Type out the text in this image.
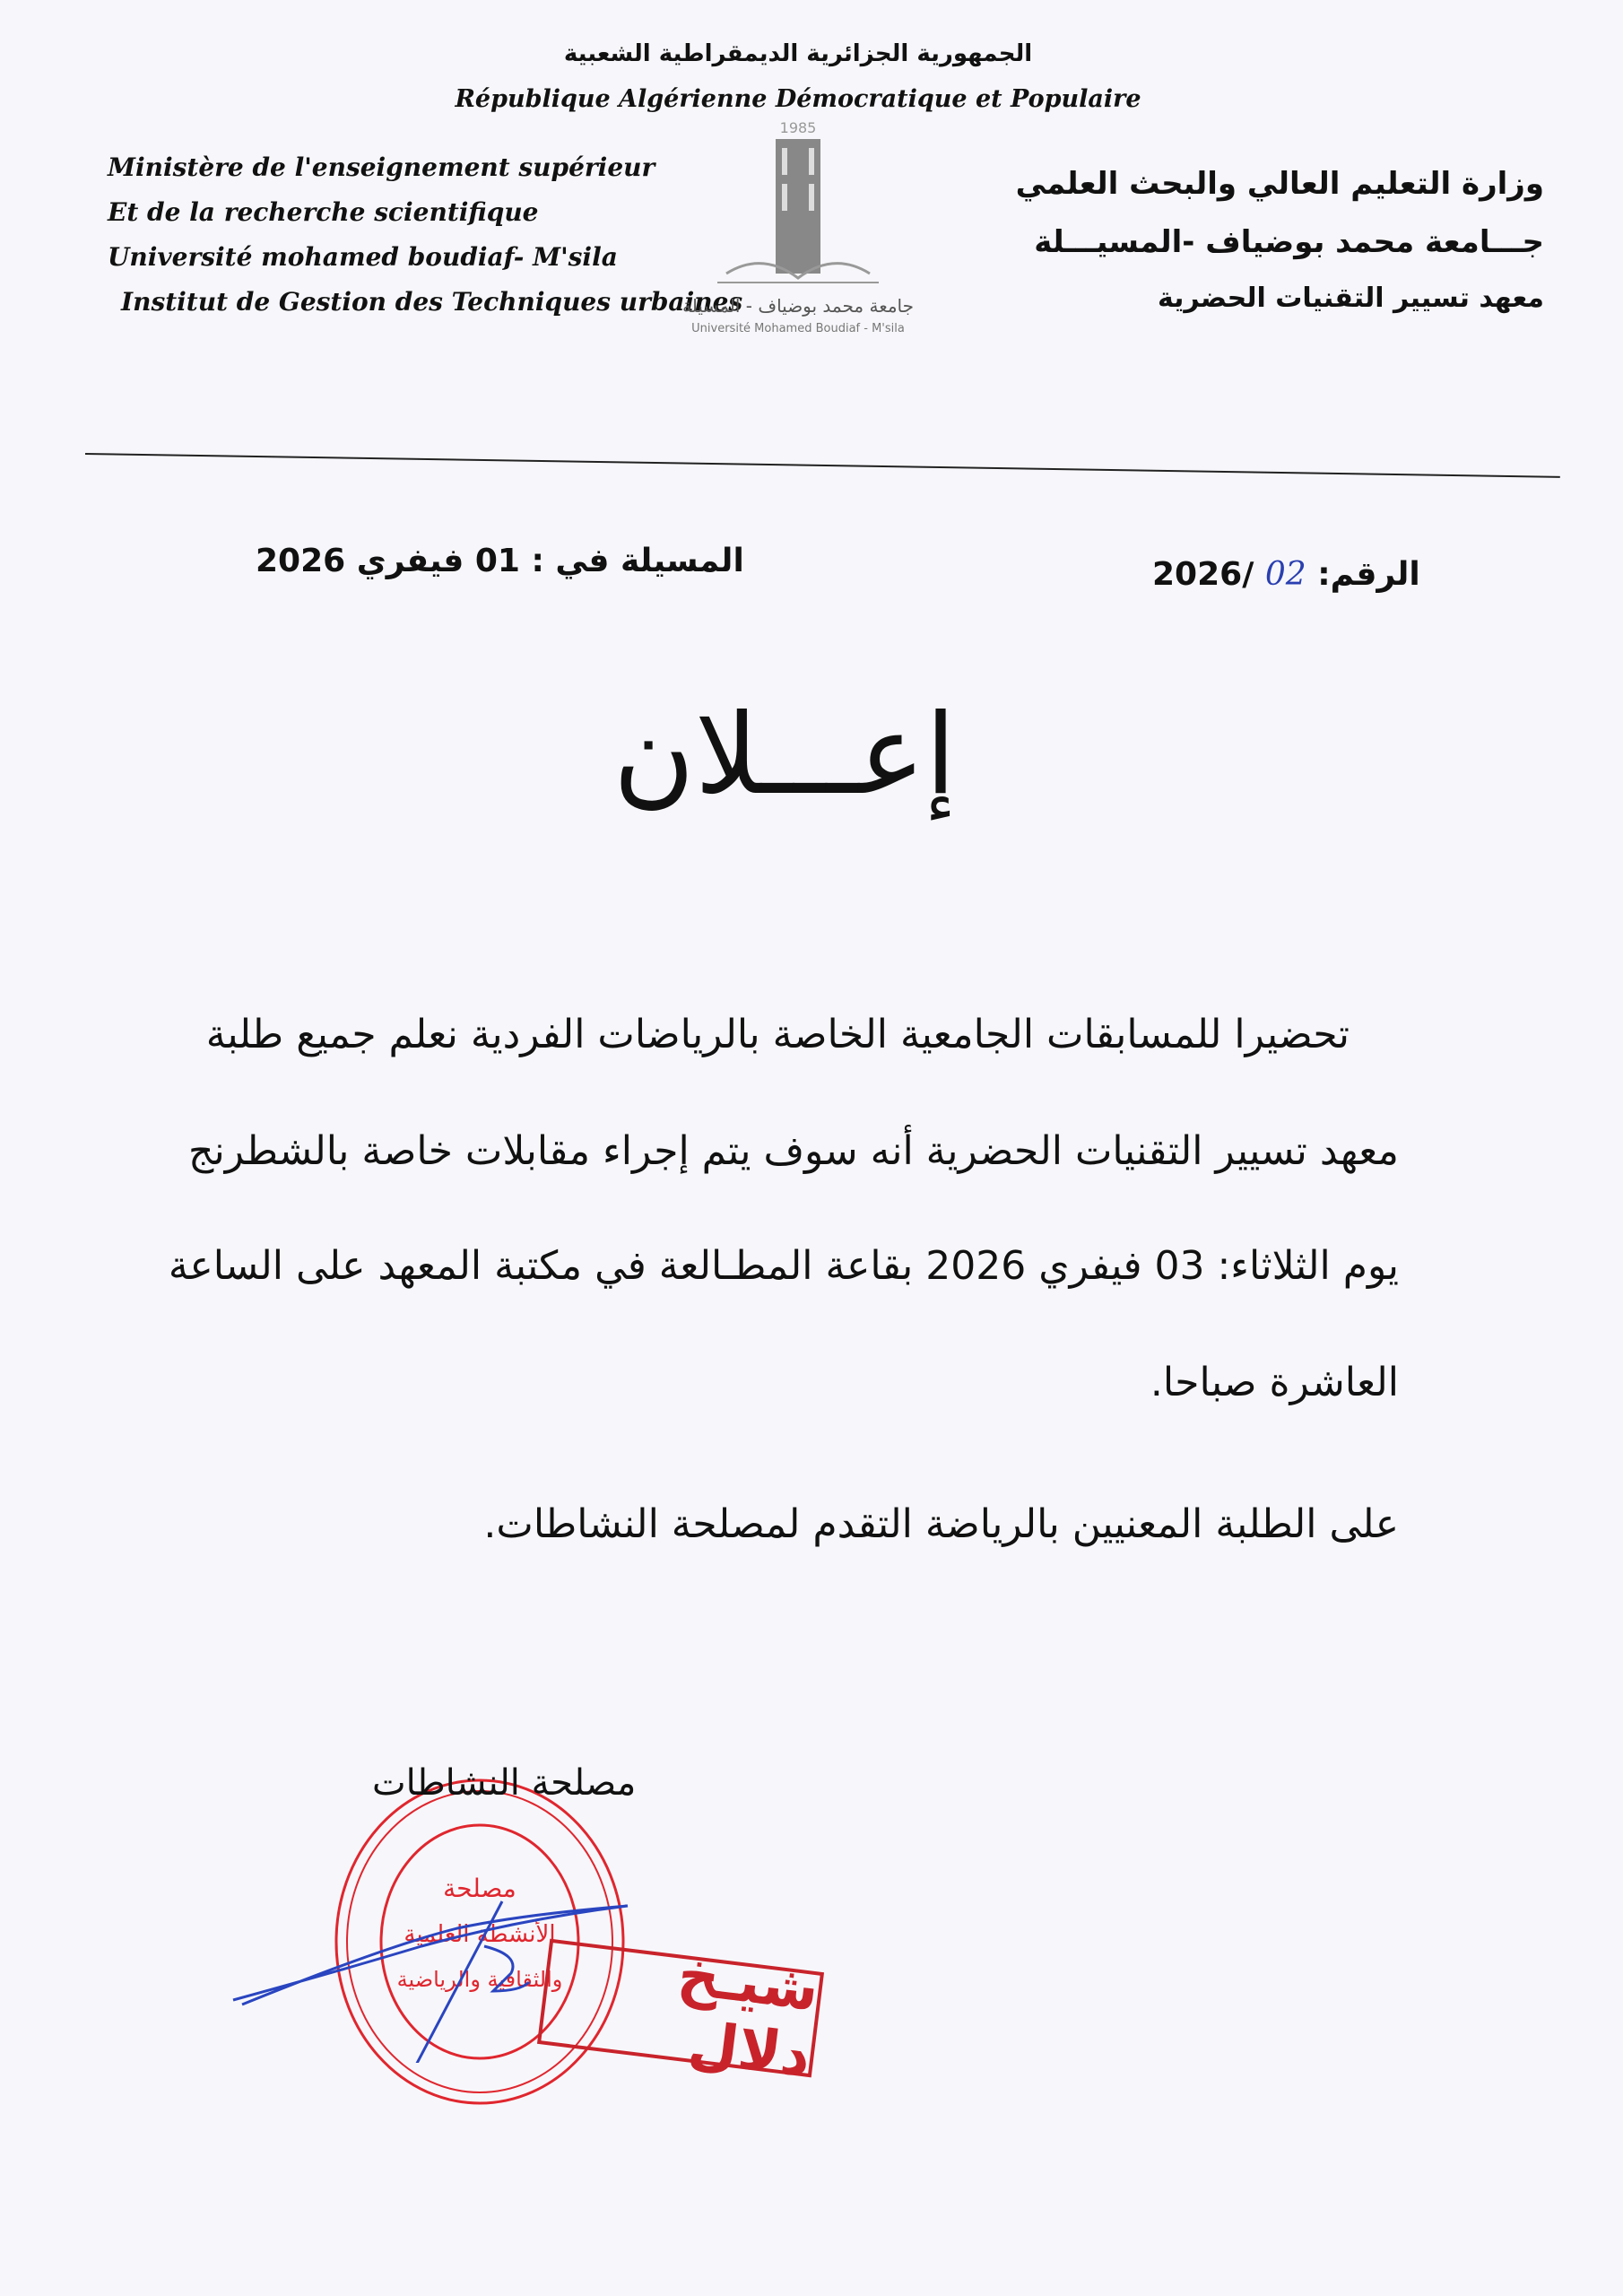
الجمهورية الجزائرية الديمقراطية الشعبية
République Algérienne Démocratique et Populaire
Ministère de l'enseignement supérieur
Et de la recherche scientifique
Université mohamed boudiaf- M'sila
Institut de Gestion des Techniques urbaines
وزارة التعليم العالي والبحث العلمي
جـــامعة محمد بوضياف -المسيـــلة
معهد تسيير التقنيات الحضرية
1985
جامعة محمد بوضياف - المسيلة
Université Mohamed Boudiaf - M'sila
المسيلة في : 01 فيفري 2026	الرقم: 02 /2026
إعـــلان
تحضيرا للمسابقات الجامعية الخاصة بالرياضات الفردية نعلم جميع طلبة
معهد تسيير التقنيات الحضرية أنه سوف يتم إجراء مقابلات خاصة بالشطرنج
يوم الثلاثاء: 03 فيفري 2026 بقاعة المطـالعة في مكتبة المعهد على الساعة
العاشرة صباحا.
على الطلبة المعنيين بالرياضة التقدم لمصلحة النشاطات.
مصلحة
الأنشطة العلمية
والثقافية والرياضية
مصلحة النشاطات
شيـخ دلال
